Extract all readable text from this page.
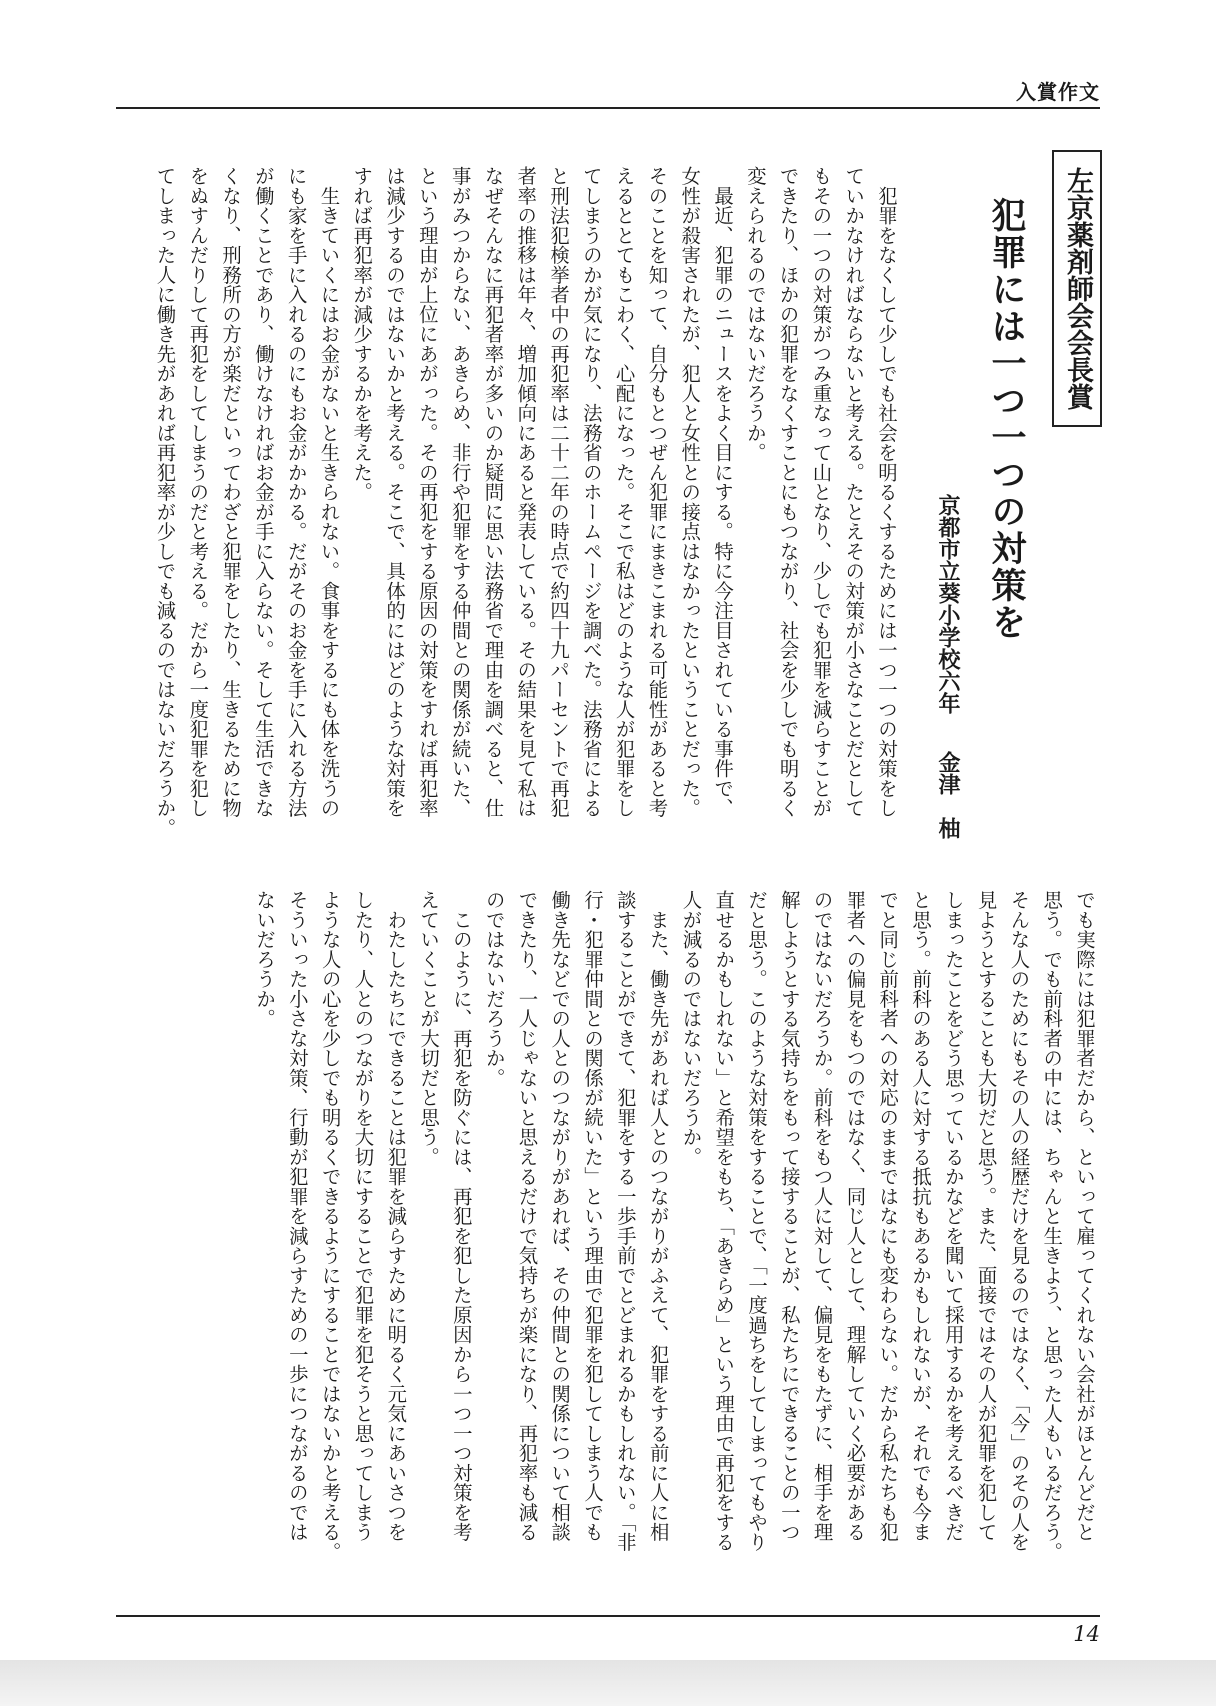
入賞作文
左京薬剤師会会長賞
犯罪には一つ一つの対策を
京都市立葵小学校六年
金津　柚

　犯罪をなくして少しでも社会を明るくするためには一つ一つの対策をし

ていかなければならないと考える。たとえその対策が小さなことだとして

もその一つの対策がつみ重なって山となり、少しでも犯罪を減らすことが

できたり、ほかの犯罪をなくすことにもつながり、社会を少しでも明るく

変えられるのではないだろうか。

　最近、犯罪のニュースをよく目にする。特に今注目されている事件で、

女性が殺害されたが、犯人と女性との接点はなかったということだった。

そのことを知って、自分もとつぜん犯罪にまきこまれる可能性があると考

えるととてもこわく、心配になった。そこで私はどのような人が犯罪をし

てしまうのかが気になり、法務省のホームページを調べた。法務省による

と刑法犯検挙者中の再犯率は二十二年の時点で約四十九パーセントで再犯

者率の推移は年々、増加傾向にあると発表している。その結果を見て私は

なぜそんなに再犯者率が多いのか疑問に思い法務省で理由を調べると、仕

事がみつからない、あきらめ、非行や犯罪をする仲間との関係が続いた、

という理由が上位にあがった。その再犯をする原因の対策をすれば再犯率

は減少するのではないかと考える。そこで、具体的にはどのような対策を

すれば再犯率が減少するかを考えた。

　生きていくにはお金がないと生きられない。食事をするにも体を洗うの

にも家を手に入れるのにもお金がかかる。だがそのお金を手に入れる方法

が働くことであり、働けなければお金が手に入らない。そして生活できな

くなり、刑務所の方が楽だといってわざと犯罪をしたり、生きるために物

をぬすんだりして再犯をしてしまうのだと考える。だから一度犯罪を犯し

てしまった人に働き先があれば再犯率が少しでも減るのではないだろうか。

でも実際には犯罪者だから、といって雇ってくれない会社がほとんどだと

思う。でも前科者の中には、ちゃんと生きよう、と思った人もいるだろう。

そんな人のためにもその人の経歴だけを見るのではなく、「今」のその人を

見ようとすることも大切だと思う。また、面接ではその人が犯罪を犯して

しまったことをどう思っているかなどを聞いて採用するかを考えるべきだ

と思う。前科のある人に対する抵抗もあるかもしれないが、それでも今ま

でと同じ前科者への対応のままではなにも変わらない。だから私たちも犯

罪者への偏見をもつのではなく、同じ人として、理解していく必要がある

のではないだろうか。前科をもつ人に対して、偏見をもたずに、相手を理

解しようとする気持ちをもって接することが、私たちにできることの一つ

だと思う。このような対策をすることで、「一度過ちをしてしまってもやり

直せるかもしれない」と希望をもち、「あきらめ」という理由で再犯をする

人が減るのではないだろうか。

　また、働き先があれば人とのつながりがふえて、犯罪をする前に人に相

談することができて、犯罪をする一歩手前でとどまれるかもしれない。「非

行・犯罪仲間との関係が続いた」という理由で犯罪を犯してしまう人でも

働き先などでの人とのつながりがあれば、その仲間との関係について相談

できたり、一人じゃないと思えるだけで気持ちが楽になり、再犯率も減る

のではないだろうか。

　このように、再犯を防ぐには、再犯を犯した原因から一つ一つ対策を考

えていくことが大切だと思う。

　わたしたちにできることは犯罪を減らすために明るく元気にあいさつを

したり、人とのつながりを大切にすることで犯罪を犯そうと思ってしまう

ような人の心を少しでも明るくできるようにすることではないかと考える。

そういった小さな対策、行動が犯罪を減らすための一歩につながるのでは

ないだろうか。

14
